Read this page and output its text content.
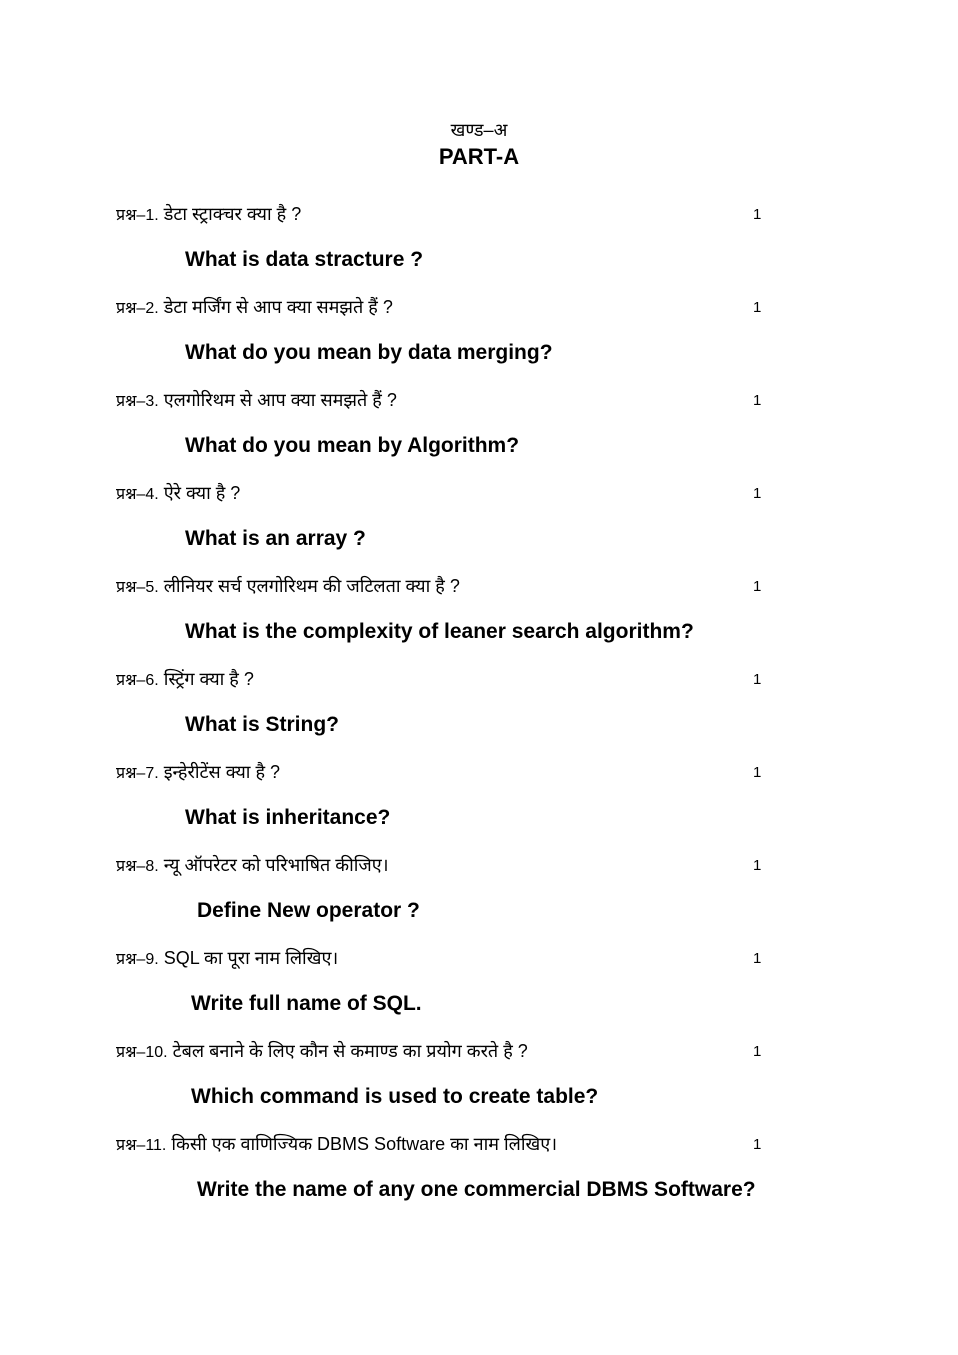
खण्ड–अ
PART-A
प्रश्न–1. डेटा स्ट्राक्चर क्या है ?	1
What is data stracture ?
प्रश्न–2. डेटा मर्जिंग से आप क्या समझते हैं ?	1
What do you mean by data merging?
प्रश्न–3. एलगोरिथम से आप क्या समझते हैं ?	1
What do you mean by Algorithm?
प्रश्न–4. ऐरे क्या है ?	1
What is an array ?
प्रश्न–5. लीनियर सर्च एलगोरिथम की जटिलता क्या है ?	1
What is the complexity of leaner search algorithm?
प्रश्न–6. स्ट्रिंग क्या है ?	1
What is String?
प्रश्न–7. इन्हेरीटेंस क्या है ?	1
What is inheritance?
प्रश्न–8. न्यू ऑपरेटर को परिभाषित कीजिए।	1
Define New operator ?
प्रश्न–9. SQL का पूरा नाम लिखिए।	1
Write full name of SQL.
प्रश्न–10. टेबल बनाने के लिए कौन से कमाण्ड का प्रयोग करते है ?	1
Which command is used to create table?
प्रश्न–11. किसी एक वाणिज्यिक DBMS Software का नाम लिखिए।	1
Write the name of any one commercial DBMS Software?
